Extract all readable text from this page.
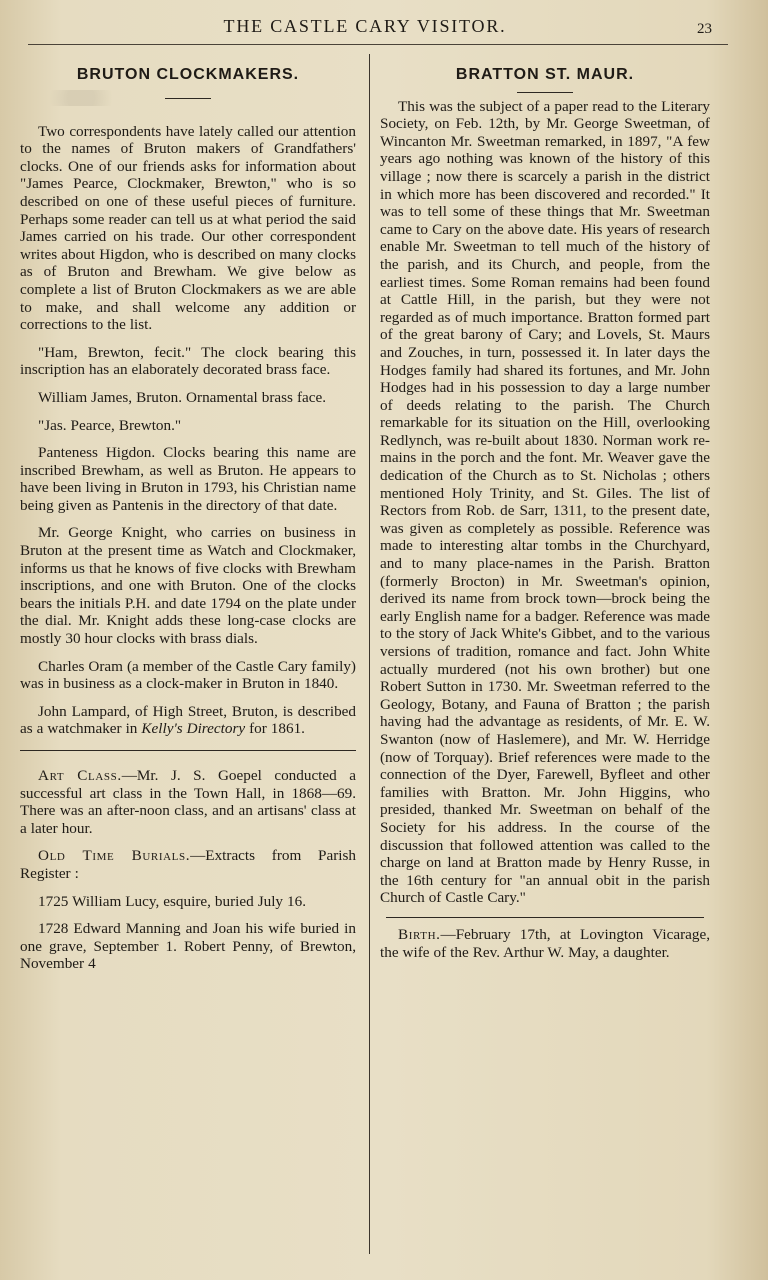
THE CASTLE CARY VISITOR.	23
BRUTON CLOCKMAKERS.

Two correspondents have lately called our attention to the names of Bruton makers of Grandfathers' clocks. One of our friends asks for information about "James Pearce, Clockmaker, Brewton," who is so described on one of these useful pieces of furniture. Perhaps some reader can tell us at what period the said James carried on his trade. Our other correspondent writes about Higdon, who is described on many clocks as of Bruton and Brewham. We give below as complete a list of Bruton Clockmakers as we are able to make, and shall welcome any addition or corrections to the list.

"Ham, Brewton, fecit." The clock bearing this inscription has an elaborately decorated brass face.

William James, Bruton. Ornamental brass face.

"Jas. Pearce, Brewton."

Panteness Higdon. Clocks bearing this name are inscribed Brewham, as well as Bruton. He appears to have been living in Bruton in 1793, his Christian name being given as Pantenis in the directory of that date.

Mr. George Knight, who carries on business in Bruton at the present time as Watch and Clockmaker, informs us that he knows of five clocks with Brewham inscriptions, and one with Bruton. One of the clocks bears the initials P.H. and date 1794 on the plate under the dial. Mr. Knight adds these long-case clocks are mostly 30 hour clocks with brass dials.

Charles Oram (a member of the Castle Cary family) was in business as a clock-maker in Bruton in 1840.

John Lampard, of High Street, Bruton, is described as a watchmaker in Kelly's Directory for 1861.

Art Class.—Mr. J. S. Goepel conducted a successful art class in the Town Hall, in 1868—69. There was an after-noon class, and an artisans' class at a later hour.

Old Time Burials.—Extracts from Parish Register :

1725 William Lucy, esquire, buried July 16.

1728 Edward Manning and Joan his wife buried in one grave, September 1. Robert Penny, of Brewton, November 4

BRATTON ST. MAUR.

This was the subject of a paper read to the Literary Society, on Feb. 12th, by Mr. George Sweetman, of Wincanton Mr. Sweetman remarked, in 1897, "A few years ago nothing was known of the history of this village ; now there is scarcely a parish in the district in which more has been discovered and recorded." It was to tell some of these things that Mr. Sweetman came to Cary on the above date. His years of research enable Mr. Sweetman to tell much of the history of the parish, and its Church, and people, from the earliest times. Some Roman remains had been found at Cattle Hill, in the parish, but they were not regarded as of much importance. Bratton formed part of the great barony of Cary; and Lovels, St. Maurs and Zouches, in turn, possessed it. In later days the Hodges family had shared its fortunes, and Mr. John Hodges had in his possession to day a large number of deeds relating to the parish. The Church remarkable for its situation on the Hill, overlooking Redlynch, was re-built about 1830. Norman work re-mains in the porch and the font. Mr. Weaver gave the dedication of the Church as to St. Nicholas ; others mentioned Holy Trinity, and St. Giles. The list of Rectors from Rob. de Sarr, 1311, to the present date, was given as completely as possible. Reference was made to interesting altar tombs in the Churchyard, and to many place-names in the Parish. Bratton (formerly Brocton) in Mr. Sweetman's opinion, derived its name from brock town—brock being the early English name for a badger. Reference was made to the story of Jack White's Gibbet, and to the various versions of tradition, romance and fact. John White actually murdered (not his own brother) but one Robert Sutton in 1730. Mr. Sweetman referred to the Geology, Botany, and Fauna of Bratton ; the parish having had the advantage as residents, of Mr. E. W. Swanton (now of Haslemere), and Mr. W. Herridge (now of Torquay). Brief references were made to the connection of the Dyer, Farewell, Byfleet and other families with Bratton. Mr. John Higgins, who presided, thanked Mr. Sweetman on behalf of the Society for his address. In the course of the discussion that followed attention was called to the charge on land at Bratton made by Henry Russe, in the 16th century for "an annual obit in the parish Church of Castle Cary."

Birth.—February 17th, at Lovington Vicarage, the wife of the Rev. Arthur W. May, a daughter.
